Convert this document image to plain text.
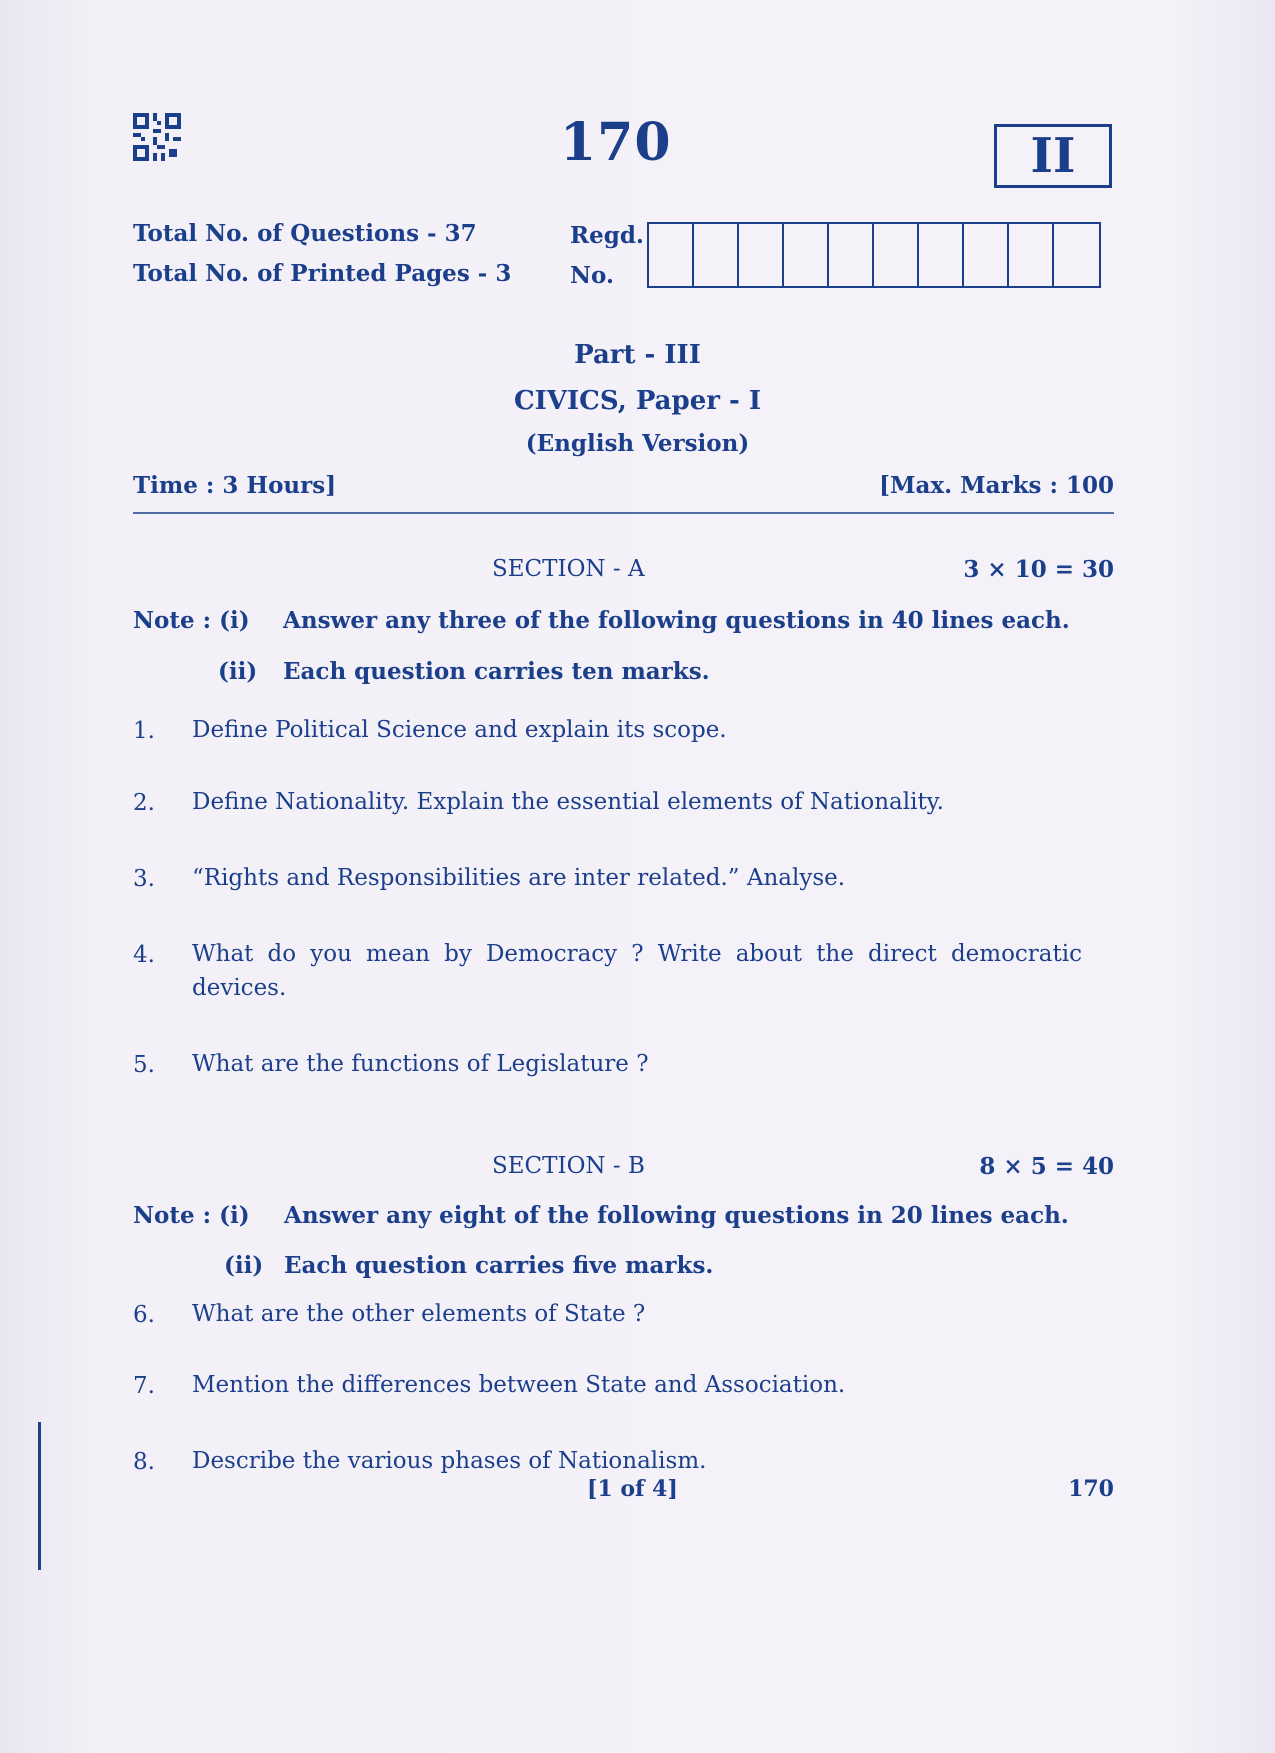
170	II
Total No. of Questions - 37
Total No. of Printed Pages - 3
Regd.
No.
Part - III
CIVICS, Paper - I
(English Version)
Time : 3 Hours]	[Max. Marks : 100
SECTION - A	3 × 10 = 30
Note : (i) Answer any three of the following questions in 40 lines each.
(ii) Each question carries ten marks.
1. Define Political Science and explain its scope.
2. Define Nationality. Explain the essential elements of Nationality.
3. “Rights and Responsibilities are inter related.” Analyse.
4. What do you mean by Democracy ? Write about the direct democratic devices.
5. What are the functions of Legislature ?
SECTION - B	8 × 5 = 40
Note : (i) Answer any eight of the following questions in 20 lines each.
(ii) Each question carries five marks.
6. What are the other elements of State ?
7. Mention the differences between State and Association.
8. Describe the various phases of Nationalism.
[1 of 4]	170
